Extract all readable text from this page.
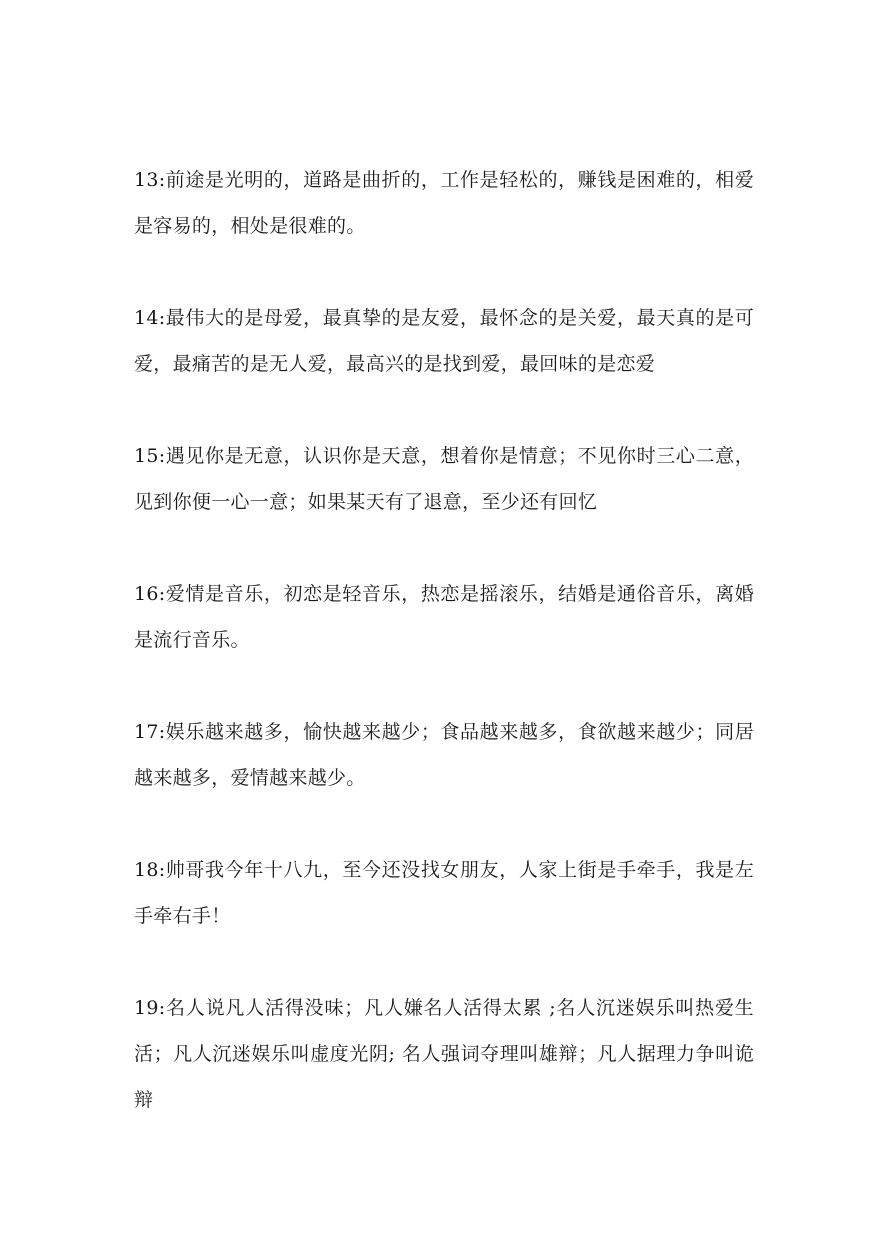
13:前途是光明的，道路是曲折的，工作是轻松的，赚钱是困难的，相爱是容易的，相处是很难的。

14:最伟大的是母爱，最真挚的是友爱，最怀念的是关爱，最天真的是可爱，最痛苦的是无人爱，最高兴的是找到爱，最回味的是恋爱

15:遇见你是无意，认识你是天意，想着你是情意；不见你时三心二意，见到你便一心一意；如果某天有了退意，至少还有回忆

16:爱情是音乐，初恋是轻音乐，热恋是摇滚乐，结婚是通俗音乐，离婚是流行音乐。

17:娱乐越来越多，愉快越来越少；食品越来越多，食欲越来越少；同居越来越多，爱情越来越少。

18:帅哥我今年十八九，至今还没找女朋友，人家上街是手牵手，我是左手牵右手！

19:名人说凡人活得没味；凡人嫌名人活得太累 ;名人沉迷娱乐叫热爱生活；凡人沉迷娱乐叫虚度光阴; 名人强词夺理叫雄辩；凡人据理力争叫诡辩
